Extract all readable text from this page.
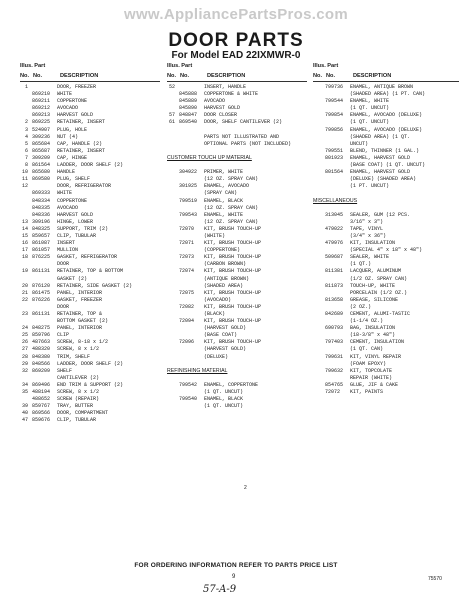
www.AppliancePartsPros.com
DOOR PARTS
For Model EAD 22IXMWR-0
Illus. Part
No. No.	DESCRIPTION
1	DOOR, FREEZER
869210 WHITE
869211 COPPERTONE
869212 AVOCADO
869213 HARVEST GOLD
2 869225 RETAINER, INSERT
3 524907 PLUG, HOLE
4 309236 NUT (4)
5 865684 CAP, HANDLE (2)
6 865687 RETAINER, INSERT
7 309209 CAP, HINGE
8 861564 LADDER, DOOR SHELF (2)
10 865680 HANDLE
11 869580 PLUG, SHELF
12	DOOR, REFRIGERATOR
869333 WHITE
848334 COPPERTONE
848335 AVOCADO
848336 HARVEST GOLD
13 309196 HINGE, LOWER
14 848325 SUPPORT, TRIM (2)
15 859657 CLIP, TUBULAR
16 861087 INSERT
17 861057 MULLION
18 876225 GASKET, REFRIGERATOR
DOOR
19 861131 RETAINER, TOP & BOTTOM
GASKET (2)
20 876120 RETAINER, SIDE GASKET (2)
21 861475 PANEL, INTERIOR
22 876226 GASKET, FREEZER
DOOR
23 861131 RETAINER, TOP &
BOTTOM GASKET (2)
24 848275 PANEL, INTERIOR
25 859796 CLIP
26 487663 SCREW, 8-18 x 1/2
27 488320 SCREW, 8 x 1/2
28 848380 TRIM, SHELF
29 848566 LADDER, DOOR SHELF (2)
32 869209 SHELF
CANTILEVER (2)
34 869496 END TRIM & SUPPORT (2)
35 488194 SCREW, 8 x 1/2
488652 SCREW (REPAIR)
39 859767 TRAY, BUTTER
40 869566 DOOR, COMPARTMENT
47 859676 CLIP, TUBULAR
Illus. Part
No. No.	DESCRIPTION
52	INSERT, HANDLE
845888 COPPERTONE & WHITE
845889 AVOCADO
845890 HARVEST GOLD
57 848847 DOOR CLOSER
61 869540 DOOR, SHELF CANTILEVER (2)
PARTS NOT ILLUSTRATED AND
OPTIONAL PARTS (NOT INCLUDED)
CUSTOMER TOUCH UP MATERIAL
304922 PRIMER, WHITE
(12 OZ. SPRAY CAN)
301925 ENAMEL, AVOCADO
(SPRAY CAN)
799519 ENAMEL, BLACK
(12 OZ. SPRAY CAN)
799543 ENAMEL, WHITE
(12 OZ. SPRAY CAN)
72070 KIT, BRUSH TOUCH-UP
(WHITE)
72071 KIT, BRUSH TOUCH-UP
(COPPERTONE)
72073 KIT, BRUSH TOUCH-UP
(CARBON BROWN)
72074 KIT, BRUSH TOUCH-UP
(ANTIQUE BROWN)
(SHADED AREA)
72075 KIT, BRUSH TOUCH-UP
(AVOCADO)
72082 KIT, BRUSH TOUCH-UP
(BLACK)
72094 KIT, BRUSH TOUCH-UP
(HARVEST GOLD)
(BASE COAT)
72096 KIT, BRUSH TOUCH-UP
(HARVEST GOLD)
(DELUXE)
REFINISHING MATERIAL
799542 ENAMEL, COPPERTONE
(1 QT. UNCUT)
799540 ENAMEL, BLACK
(1 QT. UNCUT)
Illus. Part
No. No.	DESCRIPTION
799736 ENAMEL, ANTIQUE BROWN
(SHADED AREA) (1 PT. CAN)
799544 ENAMEL, WHITE
(1 QT. UNCUT)
799854 ENAMEL, AVOCADO (DELUXE)
(1 QT. UNCUT)
799856 ENAMEL, AVOCADO (DELUXE)
(SHADED AREA) (1 QT.
UNCUT)
799551 BLEND, THINNER (1 GAL.)
801923 ENAMEL, HARVEST GOLD
(BASE COAT) (1 QT. UNCUT)
801564 ENAMEL, HARVEST GOLD
(DELUXE) (SHADED AREA)
(1 PT. UNCUT)
MISCELLANEOUS
313045 SEALER, GUM (12 PCS.
3/16" x 3")
479022 TAPE, VINYL
(3/4" x 36")
479976 KIT, INSULATION
(SPECIAL 4" x 18" x 48")
509687 SEALER, WHITE
(1 QT.)
811381 LACQUER, ALUMINUM
(1/2 OZ. SPRAY CAN)
811873 TOUCH-UP, WHITE
PORCELAIN (1/2 OZ.)
813658 GREASE, SILICONE
(2 OZ.)
842689 CEMENT, ALUMI-TASTIC
(1-1/4 OZ.)
690793 BAG, INSULATION
(18-3/8" x 48")
797403 CEMENT, INSULATION
(1 QT. CAN)
799631 KIT, VINYL REPAIR
(FOAM EPOXY)
799632 KIT, TOPCOLATE
REPAIR (WHITE)
854765 GLUE, JIF & CAKE
72072 KIT, PAINTS
2
FOR ORDERING INFORMATION REFER TO PARTS PRICE LIST
9	75570
57-A-9
